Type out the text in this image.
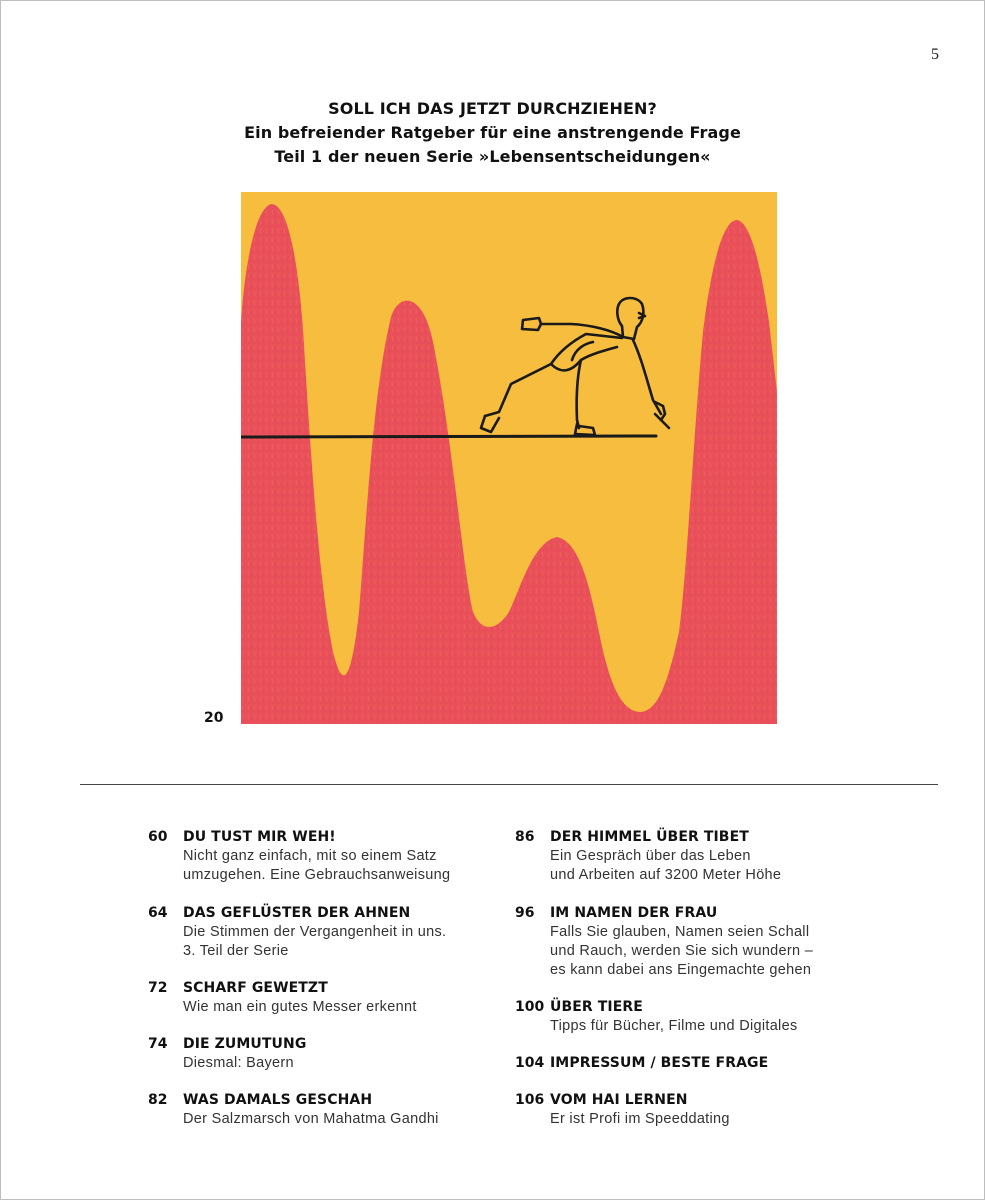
5
SOLL ICH DAS JETZT DURCHZIEHEN?
Ein befreiender Ratgeber für eine anstrengende Frage
Teil 1 der neuen Serie »Lebensentscheidungen«
20
60	DU TUST MIR WEH!
Nicht ganz einfach, mit so einem Satz
umzugehen. Eine Gebrauchsanweisung
64	DAS GEFLÜSTER DER AHNEN
Die Stimmen der Vergangenheit in uns.
3. Teil der Serie
72	SCHARF GEWETZT
Wie man ein gutes Messer erkennt
74	DIE ZUMUTUNG
Diesmal: Bayern
82	WAS DAMALS GESCHAH
Der Salzmarsch von Mahatma Gandhi
86	DER HIMMEL ÜBER TIBET
Ein Gespräch über das Leben
und Arbeiten auf 3200 Meter Höhe
96	IM NAMEN DER FRAU
Falls Sie glauben, Namen seien Schall
und Rauch, werden Sie sich wundern –
es kann dabei ans Eingemachte gehen
100 ÜBER TIERE
Tipps für Bücher, Filme und Digitales
104 IMPRESSUM / BESTE FRAGE
106 VOM HAI LERNEN
Er ist Profi im Speeddating
